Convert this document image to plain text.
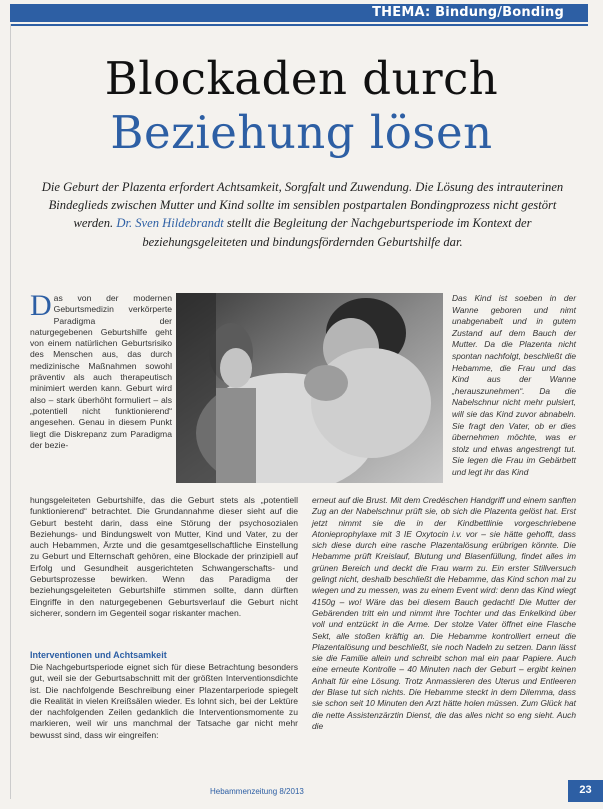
THEMA: Bindung/Bonding
Blockaden durch
Beziehung lösen
Die Geburt der Plazenta erfordert Achtsamkeit, Sorgfalt und Zuwendung. Die Lösung des intrauterinen Bindeglieds zwischen Mutter und Kind sollte im sensiblen postpartalen Bondingprozess nicht gestört werden. Dr. Sven Hildebrandt stellt die Begleitung der Nachgeburtsperiode im Kontext der beziehungsgeleiteten und bindungsfördernden Geburtshilfe dar.
Das von der modernen Geburtsmedizin verkörperte Paradigma der naturgegebenen Geburtshilfe geht von einem natürlichen Geburtsrisiko des Menschen aus, das durch medizinische Maßnahmen sowohl präventiv als auch therapeutisch minimiert werden kann. Geburt wird also – stark überhöht formuliert – als „potentiell nicht funktionierend“ angesehen. Genau in diesem Punkt liegt die Diskrepanz zum Paradigma der bezie-
Das Kind ist soeben in der Wanne geboren und nimt unabgenabelt und in gutem Zustand auf dem Bauch der Mutter. Da die Plazenta nicht spontan nachfolgt, beschließt die Hebamme, die Frau und das Kind aus der Wanne „herauszunehmen“. Da die Nabelschnur nicht mehr pulsiert, will sie das Kind zuvor abnabeln. Sie fragt den Vater, ob er dies übernehmen möchte, was er stolz und etwas angestrengt tut. Sie legen die Frau im Gebärbett und legt ihr das Kind
hungsgeleiteten Geburtshilfe, das die Geburt stets als „potentiell funktionierend“ betrachtet. Die Grundannahme dieser sieht auf die Geburt besteht darin, dass eine Störung der psychosozialen Beziehungs- und Bindungswelt von Mutter, Kind und Vater, zu der auch Hebammen, Ärzte und die gesamtgesellschaftliche Einstellung zu Geburt und Elternschaft gehören, eine Blockade der prinzipiell auf Erfolg und Gesundheit ausgerichteten Schwangerschafts- und Geburtsprozesse bewirken. Wenn das Paradigma der beziehungsgeleiteten Geburtshilfe stimmen sollte, dann dürften Eingriffe in den naturgegebenen Geburtsverlauf die Geburt nicht sicherer, sondern im Gegenteil sogar riskanter machen.
Interventionen und Achtsamkeit
Die Nachgeburtsperiode eignet sich für diese Betrachtung besonders gut, weil sie der Geburtsabschnitt mit der größten Interventionsdichte ist. Die nachfolgende Beschreibung einer Plazentarperiode spiegelt die Realität in vielen Kreißsälen wieder. Es lohnt sich, bei der Lektüre der nachfolgenden Zeilen gedanklich die Interventionsmomente zu markieren, weil wir uns manchmal der Tatsache gar nicht mehr bewusst sind, dass wir eingreifen:
erneut auf die Brust. Mit dem Credéschen Handgriff und einem sanften Zug an der Nabelschnur prüft sie, ob sich die Plazenta gelöst hat. Erst jetzt nimmt sie die in der Kindbettlinie vorgeschriebene Atonieprophylaxe mit 3 IE Oxytocin i.v. vor – sie hätte gehofft, dass sich diese durch eine rasche Plazentalösung erübrigen könnte. Die Hebamme prüft Kreislauf, Blutung und Blasenfüllung, findet alles im grünen Bereich und deckt die Frau warm zu. Ein erster Stillversuch gelingt nicht, deshalb beschließt die Hebamme, das Kind schon mal zu wiegen und zu messen, was zu einem Event wird: denn das Kind wiegt 4150g – wo! Wäre das bei diesem Bauch gedacht! Die Mutter der Gebärenden tritt ein und nimmt ihre Tochter und das Enkelkind über voll und entzückt in die Arme. Der stolze Vater öffnet eine Flasche Sekt, alle stoßen kräftig an. Die Hebamme kontrolliert erneut die Plazentalösung und beschließt, sie noch Nadeln zu setzen. Dann lässt sie die Familie allein und schreibt schon mal ein paar Papiere. Auch eine erneute Kontrolle – 40 Minuten nach der Geburt – ergibt keinen Anhalt für eine Lösung. Trotz Anmassieren des Uterus und Entleeren der Blase tut sich nichts. Die Hebamme steckt in dem Dilemma, dass sie schon seit 10 Minuten den Arzt hätte holen müssen. Zum Glück hat die nette Assistenzärztin Dienst, die das alles nicht so eng sieht. Auch die
Hebammenzeitung 8/2013	23
